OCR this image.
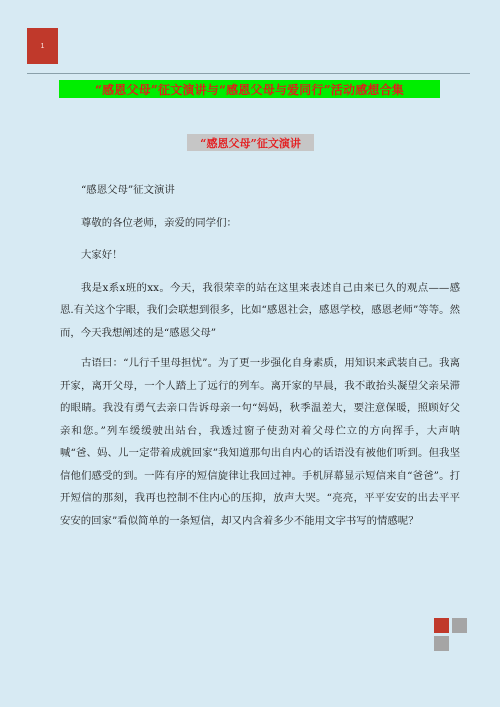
1
“感恩父母”征文演讲与“感恩父母与爱同行”活动感想合集
“感恩父母”征文演讲

“感恩父母”征文演讲

尊敬的各位老师，亲爱的同学们：

大家好！

我是x系x班的xx。今天，我很荣幸的站在这里来表述自己由来已久的观点——感恩.有关这个字眼，我们会联想到很多，比如“感恩社会，感恩学校，感恩老师”等等。然而，今天我想阐述的是“感恩父母”

古语曰：“儿行千里母担忧”。为了更一步强化自身素质，用知识来武装自己。我离开家，离开父母，一个人踏上了远行的列车。离开家的早晨，我不敢抬头凝望父亲呆滞的眼睛。我没有勇气去亲口告诉母亲一句“妈妈，秋季温差大，要注意保暖，照顾好父亲和您。”列车缓缓驶出站台，我透过窗子使劲对着父母伫立的方向挥手，大声呐喊“爸、妈、儿一定带着成就回家”我知道那句出自内心的话语没有被他们听到。但我坚信他们感受的到。一阵有序的短信旋律让我回过神。手机屏幕显示短信来自“爸爸”。打开短信的那刻，我再也控制不住内心的压抑，放声大哭。“亮亮，平平安安的出去平平安安的回家”看似简单的一条短信，却又内含着多少不能用文字书写的情感呢？
